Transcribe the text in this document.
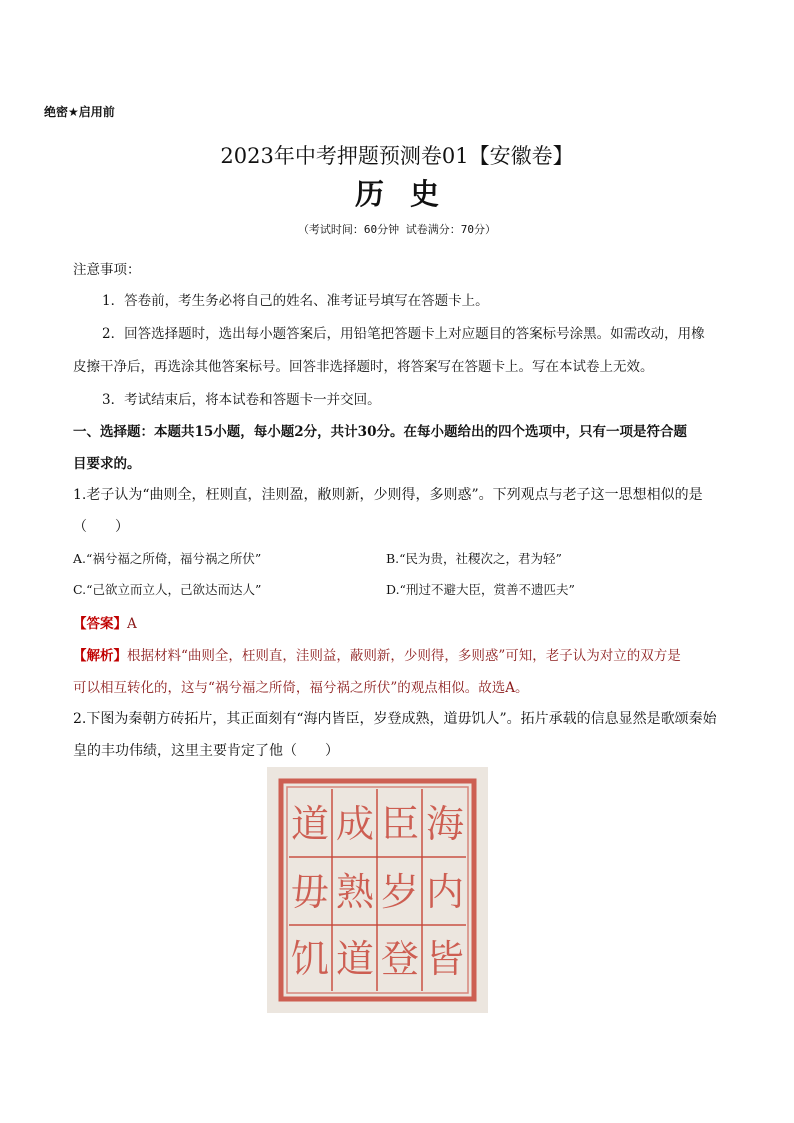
绝密★启用前
2023年中考押题预测卷01【安徽卷】
历史
（考试时间：60分钟 试卷满分：70分）
注意事项：
1．答卷前，考生务必将自己的姓名、准考证号填写在答题卡上。
2．回答选择题时，选出每小题答案后，用铅笔把答题卡上对应题目的答案标号涂黑。如需改动，用橡
皮擦干净后，再选涂其他答案标号。回答非选择题时，将答案写在答题卡上。写在本试卷上无效。
3．考试结束后，将本试卷和答题卡一并交回。
一、选择题：本题共15小题，每小题2分，共计30分。在每小题给出的四个选项中，只有一项是符合题
目要求的。
1.老子认为“曲则全，枉则直，洼则盈，敝则新，少则得，多则惑”。下列观点与老子这一思想相似的是
（　　）
A.“祸兮福之所倚，福兮祸之所伏”	B.“民为贵，社稷次之，君为轻”
C.“己欲立而立人，己欲达而达人”	D.“刑过不避大臣，赏善不遗匹夫”
【答案】A
【解析】根据材料“曲则全，枉则直，洼则益，蔽则新，少则得，多则惑”可知，老子认为对立的双方是
可以相互转化的，这与“祸兮福之所倚，福兮祸之所伏”的观点相似。故选A。
2.下图为秦朝方砖拓片，其正面刻有“海内皆臣，岁登成熟，道毋饥人”。拓片承载的信息显然是歌颂秦始
皇的丰功伟绩，这里主要肯定了他（　　）
道 成 臣 海
毋 熟 岁 内
饥 道 登 皆
